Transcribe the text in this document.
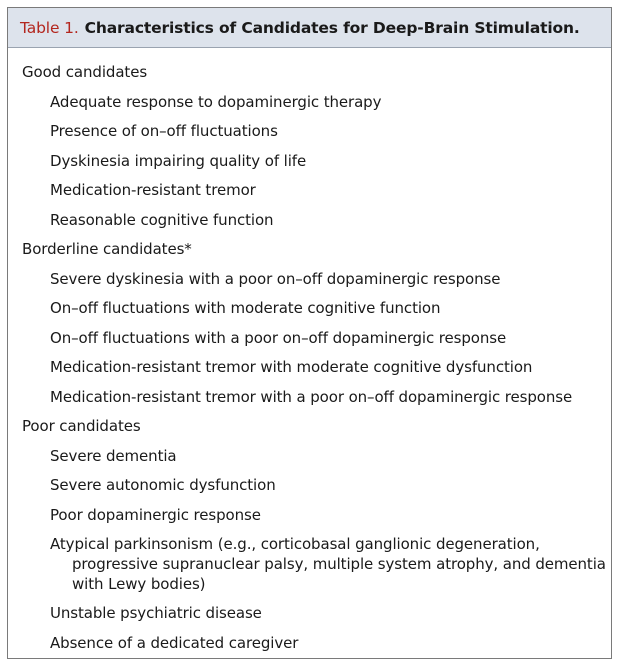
Table 1. Characteristics of Candidates for Deep-Brain Stimulation.
Good candidates
Adequate response to dopaminergic therapy
Presence of on–off fluctuations
Dyskinesia impairing quality of life
Medication-resistant tremor
Reasonable cognitive function
Borderline candidates*
Severe dyskinesia with a poor on–off dopaminergic response
On–off fluctuations with moderate cognitive function
On–off fluctuations with a poor on–off dopaminergic response
Medication-resistant tremor with moderate cognitive dysfunction
Medication-resistant tremor with a poor on–off dopaminergic response
Poor candidates
Severe dementia
Severe autonomic dysfunction
Poor dopaminergic response
Atypical parkinsonism (e.g., corticobasal ganglionic degeneration, progressive supranuclear palsy, multiple system atrophy, and dementia with Lewy bodies)
Unstable psychiatric disease
Absence of a dedicated caregiver
